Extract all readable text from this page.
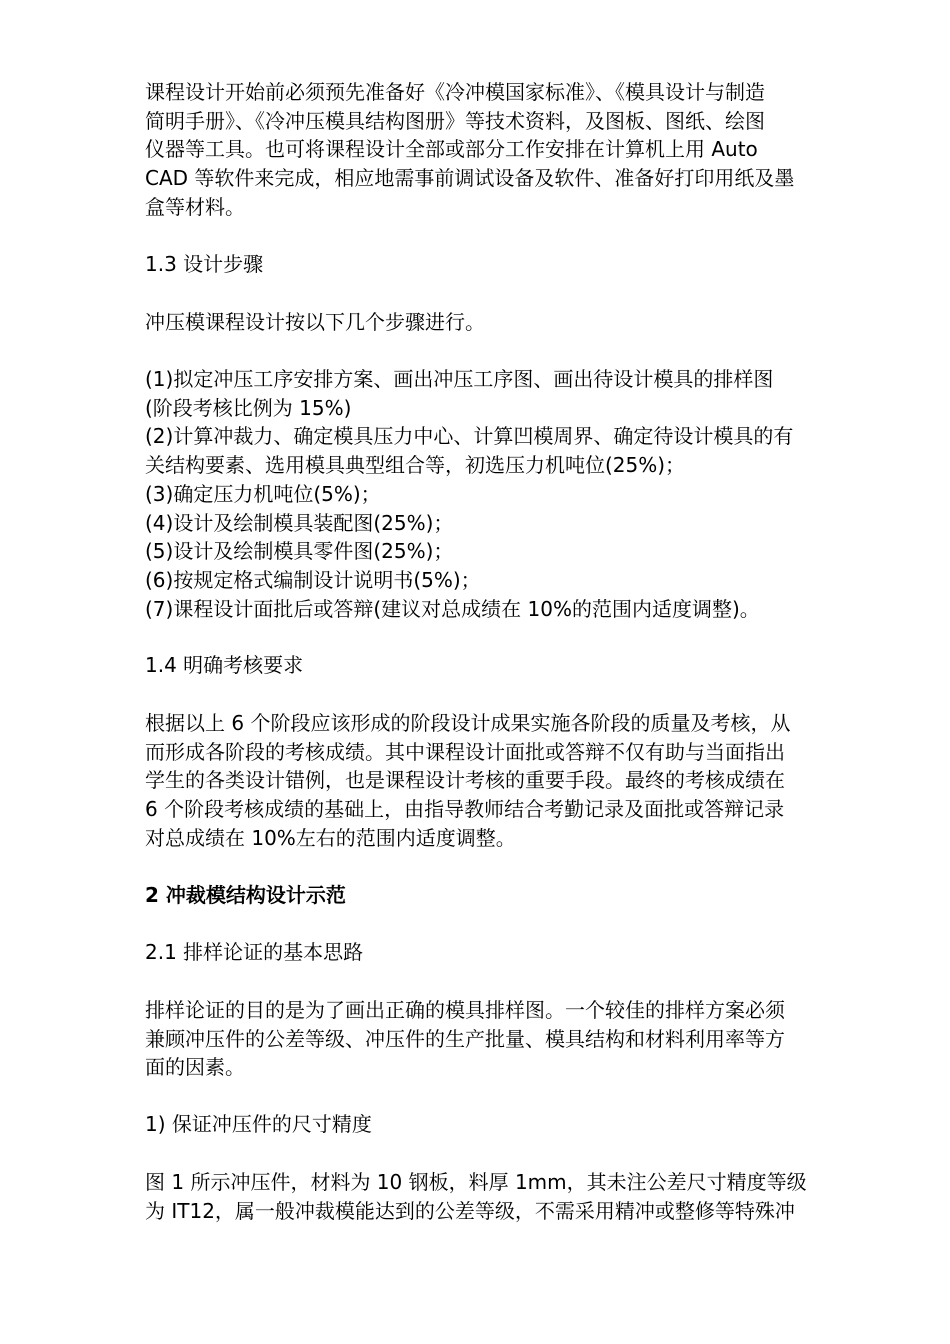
课程设计开始前必须预先准备好《冷冲模国家标准》、《模具设计与制造
简明手册》、《冷冲压模具结构图册》等技术资料，及图板、图纸、绘图
仪器等工具。也可将课程设计全部或部分工作安排在计算机上用 Auto
CAD 等软件来完成，相应地需事前调试设备及软件、准备好打印用纸及墨
盒等材料。

1.3 设计步骤

冲压模课程设计按以下几个步骤进行。

(1)拟定冲压工序安排方案、画出冲压工序图、画出待设计模具的排样图
(阶段考核比例为 15%)
(2)计算冲裁力、确定模具压力中心、计算凹模周界、确定待设计模具的有
关结构要素、选用模具典型组合等，初选压力机吨位(25%)；
(3)确定压力机吨位(5%)；
(4)设计及绘制模具装配图(25%)；
(5)设计及绘制模具零件图(25%)；
(6)按规定格式编制设计说明书(5%)；
(7)课程设计面批后或答辩(建议对总成绩在 10%的范围内适度调整)。

1.4 明确考核要求

根据以上 6 个阶段应该形成的阶段设计成果实施各阶段的质量及考核，从
而形成各阶段的考核成绩。其中课程设计面批或答辩不仅有助与当面指出
学生的各类设计错例，也是课程设计考核的重要手段。最终的考核成绩在
6 个阶段考核成绩的基础上，由指导教师结合考勤记录及面批或答辩记录
对总成绩在 10%左右的范围内适度调整。

2 冲裁模结构设计示范

2.1 排样论证的基本思路

排样论证的目的是为了画出正确的模具排样图。一个较佳的排样方案必须
兼顾冲压件的公差等级、冲压件的生产批量、模具结构和材料利用率等方
面的因素。

1) 保证冲压件的尺寸精度

图 1 所示冲压件，材料为 10 钢板，料厚 1mm，其未注公差尺寸精度等级
为 IT12，属一般冲裁模能达到的公差等级，不需采用精冲或整修等特殊冲
